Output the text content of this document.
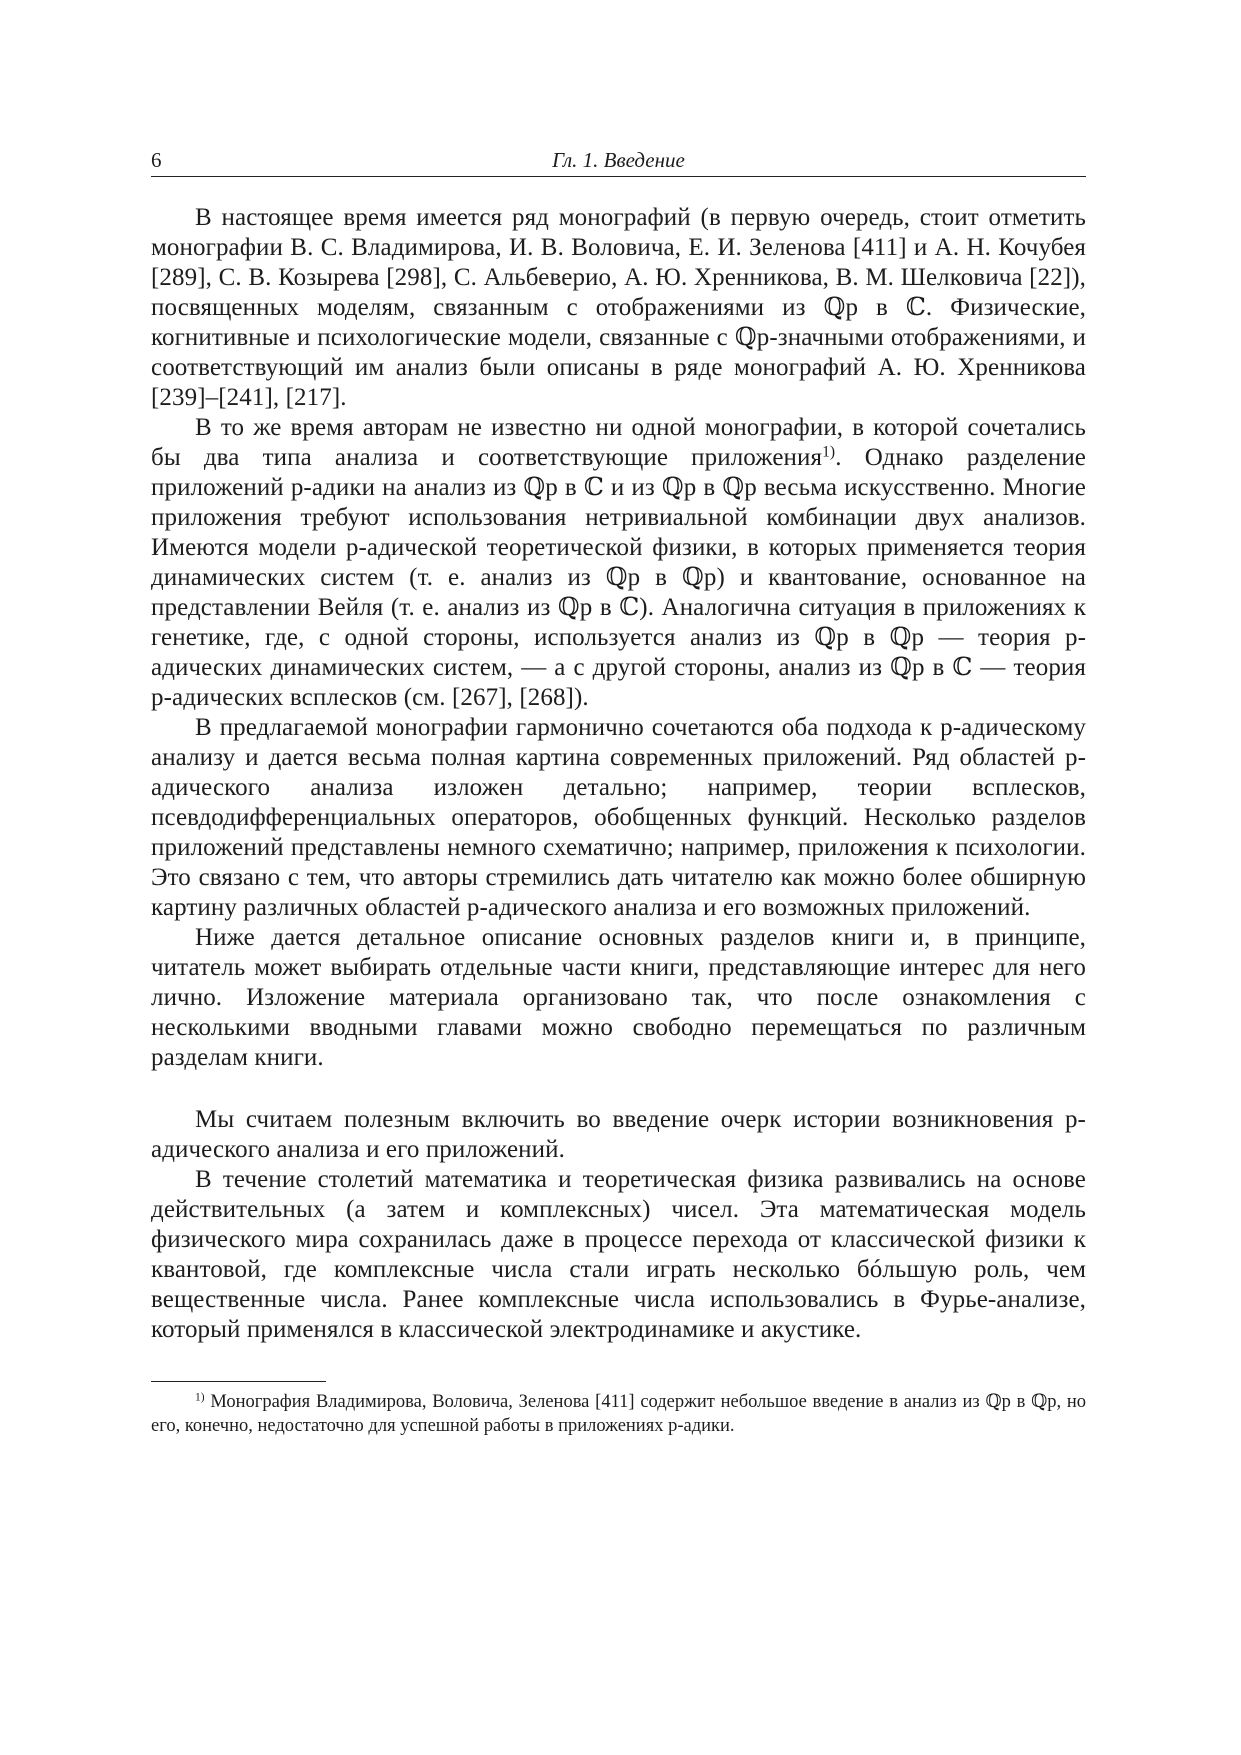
6	Гл. 1. Введение

В настоящее время имеется ряд монографий (в первую очередь, стоит отметить монографии В. С. Владимирова, И. В. Воловича, Е. И. Зеленова [411] и А. Н. Кочубея [289], С. В. Козырева [298], С. Альбеверио, А. Ю. Хренникова, В. М. Шелковича [22]), посвященных моделям, связанным с отображениями из ℚp в ℂ. Физические, когнитивные и психологические модели, связанные с ℚp-значными отображениями, и соответствующий им анализ были описаны в ряде монографий А. Ю. Хренникова [239]–[241], [217].

В то же время авторам не известно ни одной монографии, в которой сочетались бы два типа анализа и соответствующие приложения$^{1)}$. Однако разделение приложений p-адики на анализ из ℚp в ℂ и из ℚp в ℚp весьма искусственно. Многие приложения требуют использования нетривиальной комбинации двух анализов. Имеются модели p-адической теоретической физики, в которых применяется теория динамических систем (т. е. анализ из ℚp в ℚp) и квантование, основанное на представлении Вейля (т. е. анализ из ℚp в ℂ). Аналогична ситуация в приложениях к генетике, где, с одной стороны, используется анализ из ℚp в ℚp — теория p-адических динамических систем, — а с другой стороны, анализ из ℚp в ℂ — теория p-адических всплесков (см. [267], [268]).

В предлагаемой монографии гармонично сочетаются оба подхода к p-адическому анализу и дается весьма полная картина современных приложений. Ряд областей p-адического анализа изложен детально; например, теории всплесков, псевдодифференциальных операторов, обобщенных функций. Несколько разделов приложений представлены немного схематично; например, приложения к психологии. Это связано с тем, что авторы стремились дать читателю как можно более обширную картину различных областей p-адического анализа и его возможных приложений.

Ниже дается детальное описание основных разделов книги и, в принципе, читатель может выбирать отдельные части книги, представляющие интерес для него лично. Изложение материала организовано так, что после ознакомления с несколькими вводными главами можно свободно перемещаться по различным разделам книги.

Мы считаем полезным включить во введение очерк истории возникновения p-адического анализа и его приложений.

В течение столетий математика и теоретическая физика развивались на основе действительных (а затем и комплексных) чисел. Эта математическая модель физического мира сохранилась даже в процессе перехода от классической физики к квантовой, где комплексные числа стали играть несколько бóльшую роль, чем вещественные числа. Ранее комплексные числа использовались в Фурье-анализе, который применялся в классической электродинамике и акустике.

$^{1)}$ Монография Владимирова, Воловича, Зеленова [411] содержит небольшое введение в анализ из ℚp в ℚp, но его, конечно, недостаточно для успешной работы в приложениях p-адики.
